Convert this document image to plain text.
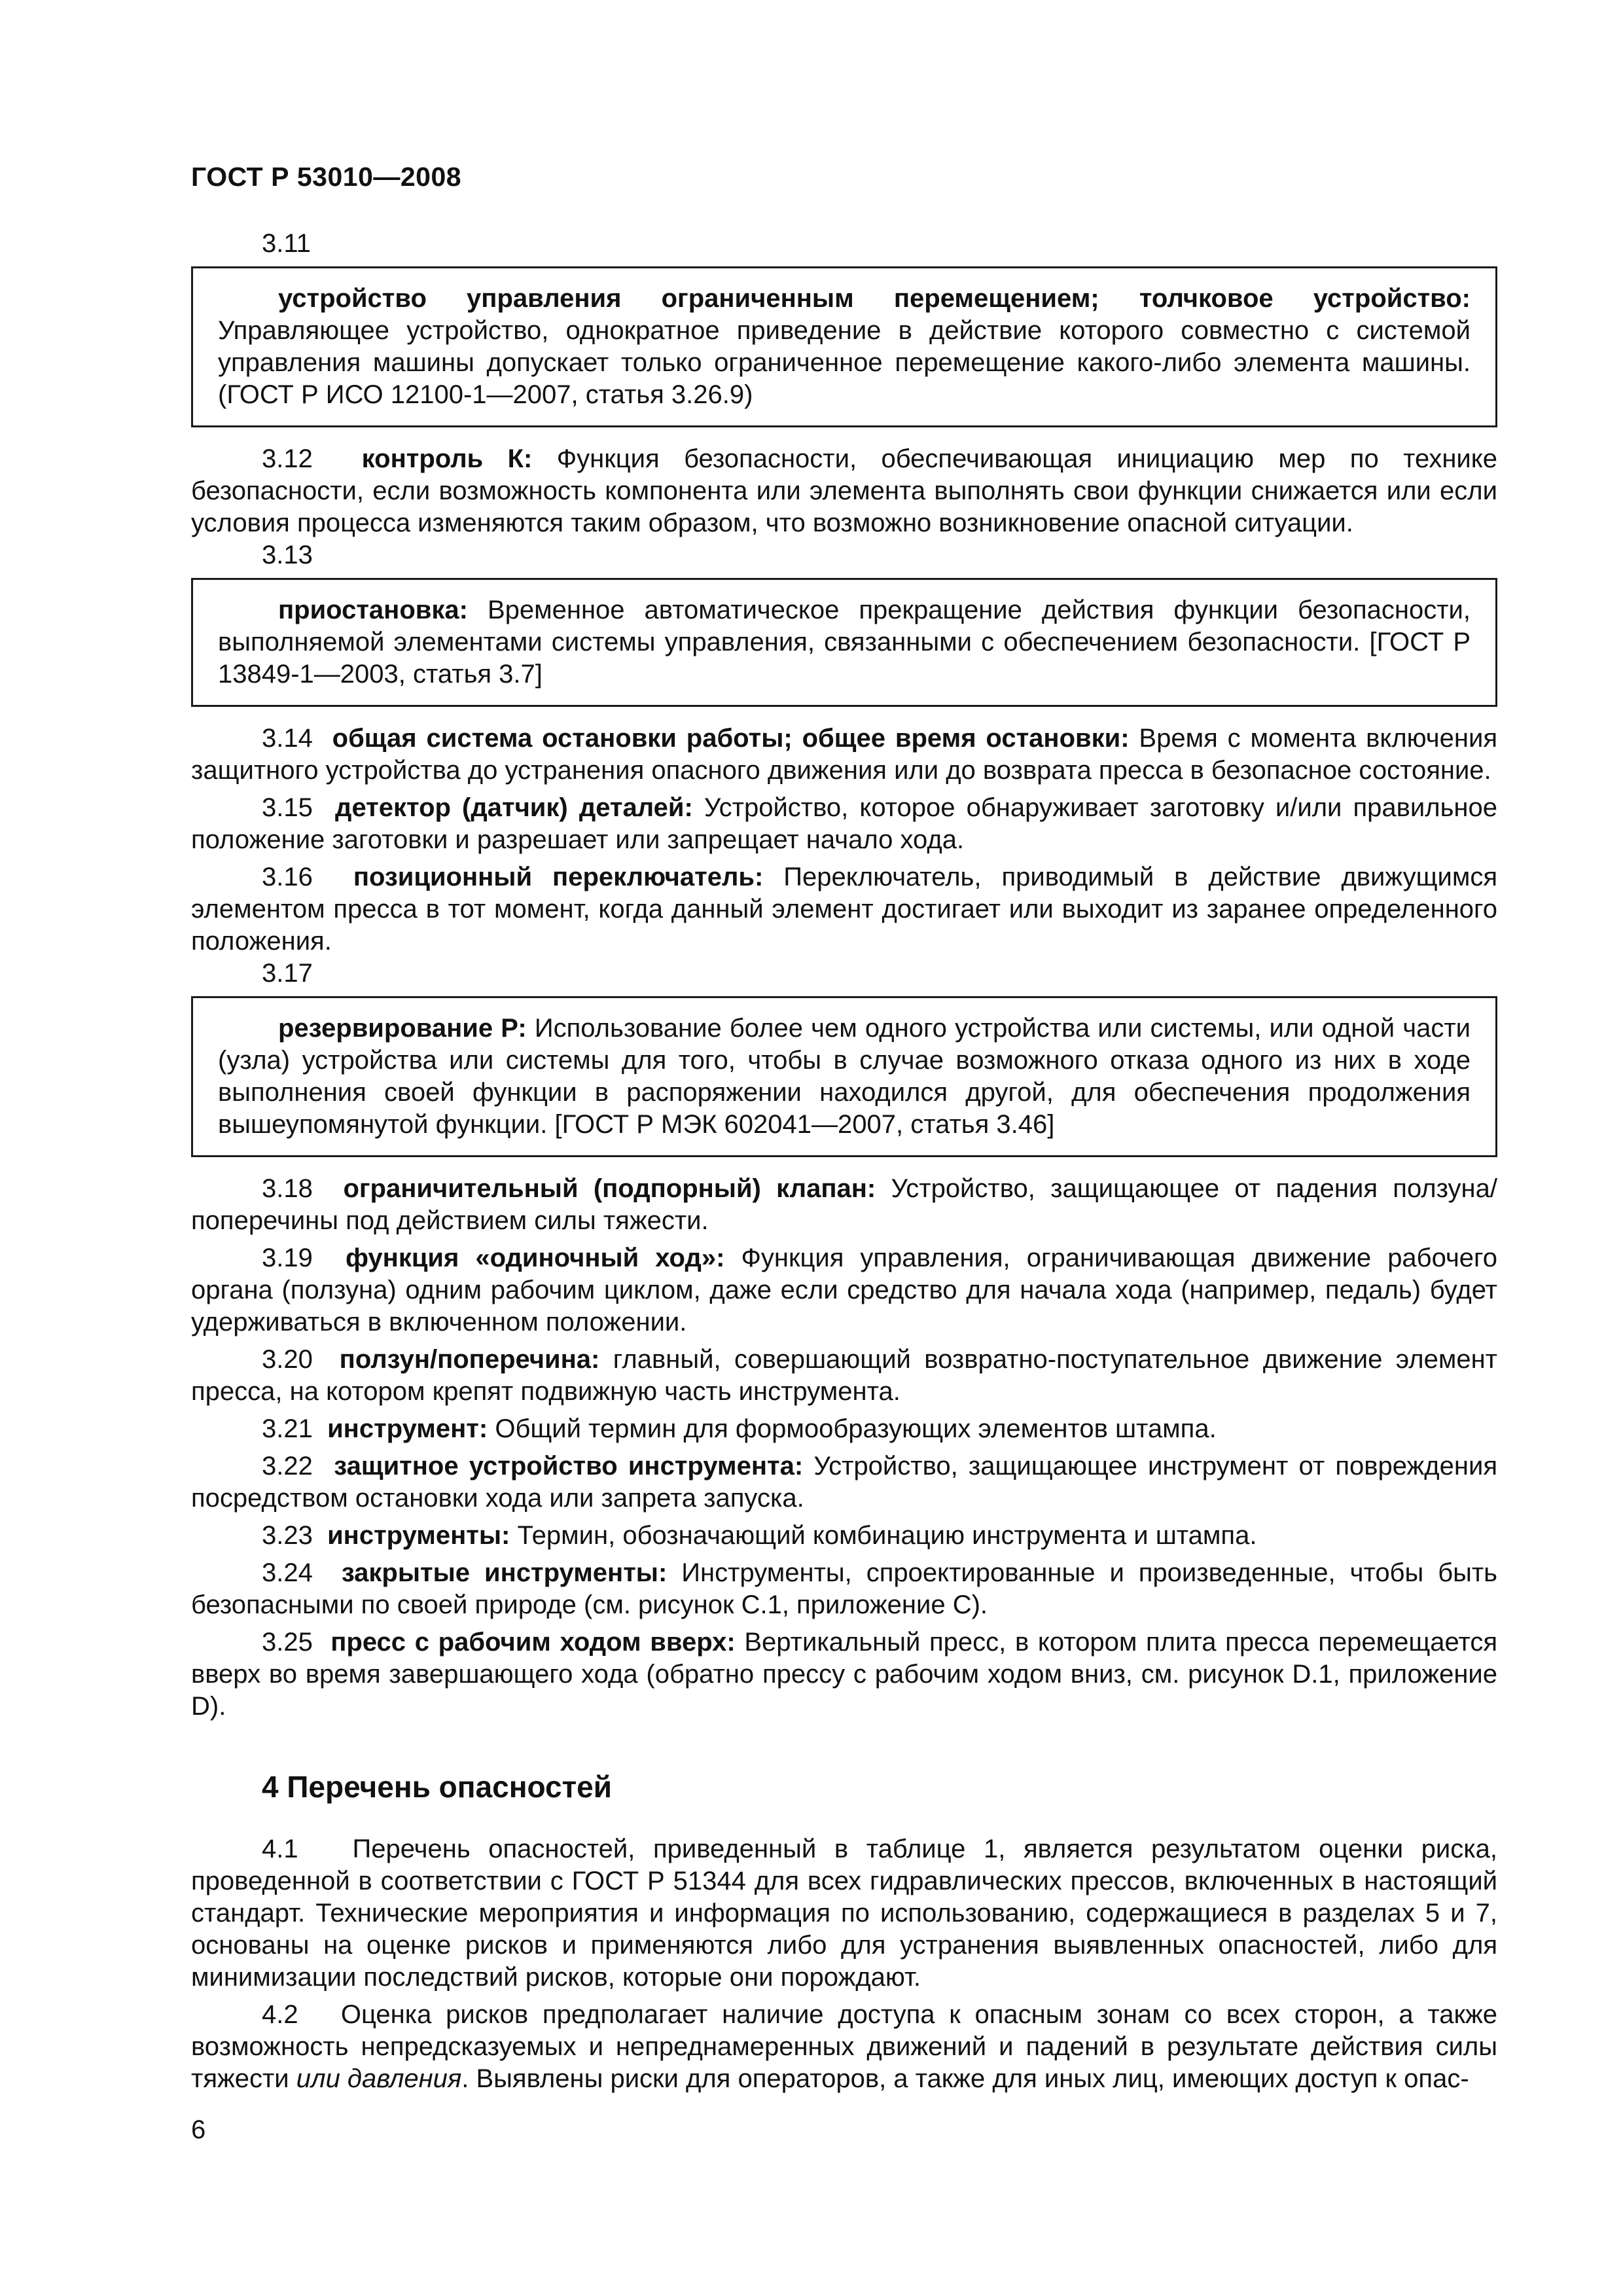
ГОСТ Р 53010—2008

3.11

устройство управления ограниченным перемещением; толчковое устройство: Управляющее устройство, однократное приведение в действие которого совместно с системой управления машины допускает только ограниченное перемещение какого-либо элемента машины. (ГОСТ Р ИСО 12100-1—2007, статья 3.26.9)

3.12 контроль К: Функция безопасности, обеспечивающая инициацию мер по технике безопасности, если возможность компонента или элемента выполнять свои функции снижается или если условия процесса изменяются таким образом, что возможно возникновение опасной ситуации.

3.13

приостановка: Временное автоматическое прекращение действия функции безопасности, выполняемой элементами системы управления, связанными с обеспечением безопасности. [ГОСТ Р 13849-1—2003, статья 3.7]

3.14 общая система остановки работы; общее время остановки: Время с момента включения защитного устройства до устранения опасного движения или до возврата пресса в безопасное состояние.

3.15 детектор (датчик) деталей: Устройство, которое обнаруживает заготовку и/или правильное положение заготовки и разрешает или запрещает начало хода.

3.16 позиционный переключатель: Переключатель, приводимый в действие движущимся элементом пресса в тот момент, когда данный элемент достигает или выходит из заранее определенного положения.

3.17

резервирование Р: Использование более чем одного устройства или системы, или одной части (узла) устройства или системы для того, чтобы в случае возможного отказа одного из них в ходе выполнения своей функции в распоряжении находился другой, для обеспечения продолжения вышеупомянутой функции. [ГОСТ Р МЭК 602041—2007, статья 3.46]

3.18 ограничительный (подпорный) клапан: Устройство, защищающее от падения ползуна/поперечины под действием силы тяжести.

3.19 функция «одиночный ход»: Функция управления, ограничивающая движение рабочего органа (ползуна) одним рабочим циклом, даже если средство для начала хода (например, педаль) будет удерживаться в включенном положении.

3.20 ползун/поперечина: главный, совершающий возвратно-поступательное движение элемент пресса, на котором крепят подвижную часть инструмента.

3.21 инструмент: Общий термин для формообразующих элементов штампа.

3.22 защитное устройство инструмента: Устройство, защищающее инструмент от повреждения посредством остановки хода или запрета запуска.

3.23 инструменты: Термин, обозначающий комбинацию инструмента и штампа.

3.24 закрытые инструменты: Инструменты, спроектированные и произведенные, чтобы быть безопасными по своей природе (см. рисунок С.1, приложение С).

3.25 пресс с рабочим ходом вверх: Вертикальный пресс, в котором плита пресса перемещается вверх во время завершающего хода (обратно прессу с рабочим ходом вниз, см. рисунок D.1, приложение D).

4 Перечень опасностей

4.1   Перечень опасностей, приведенный в таблице 1, является результатом оценки риска, проведенной в соответствии с ГОСТ Р 51344 для всех гидравлических прессов, включенных в настоящий стандарт. Технические мероприятия и информация по использованию, содержащиеся в разделах 5 и 7, основаны на оценке рисков и применяются либо для устранения выявленных опасностей, либо для минимизации последствий рисков, которые они порождают.

4.2   Оценка рисков предполагает наличие доступа к опасным зонам со всех сторон, а также возможность непредсказуемых и непреднамеренных движений и падений в результате действия силы тяжести или давления. Выявлены риски для операторов, а также для иных лиц, имеющих доступ к опас-

6
